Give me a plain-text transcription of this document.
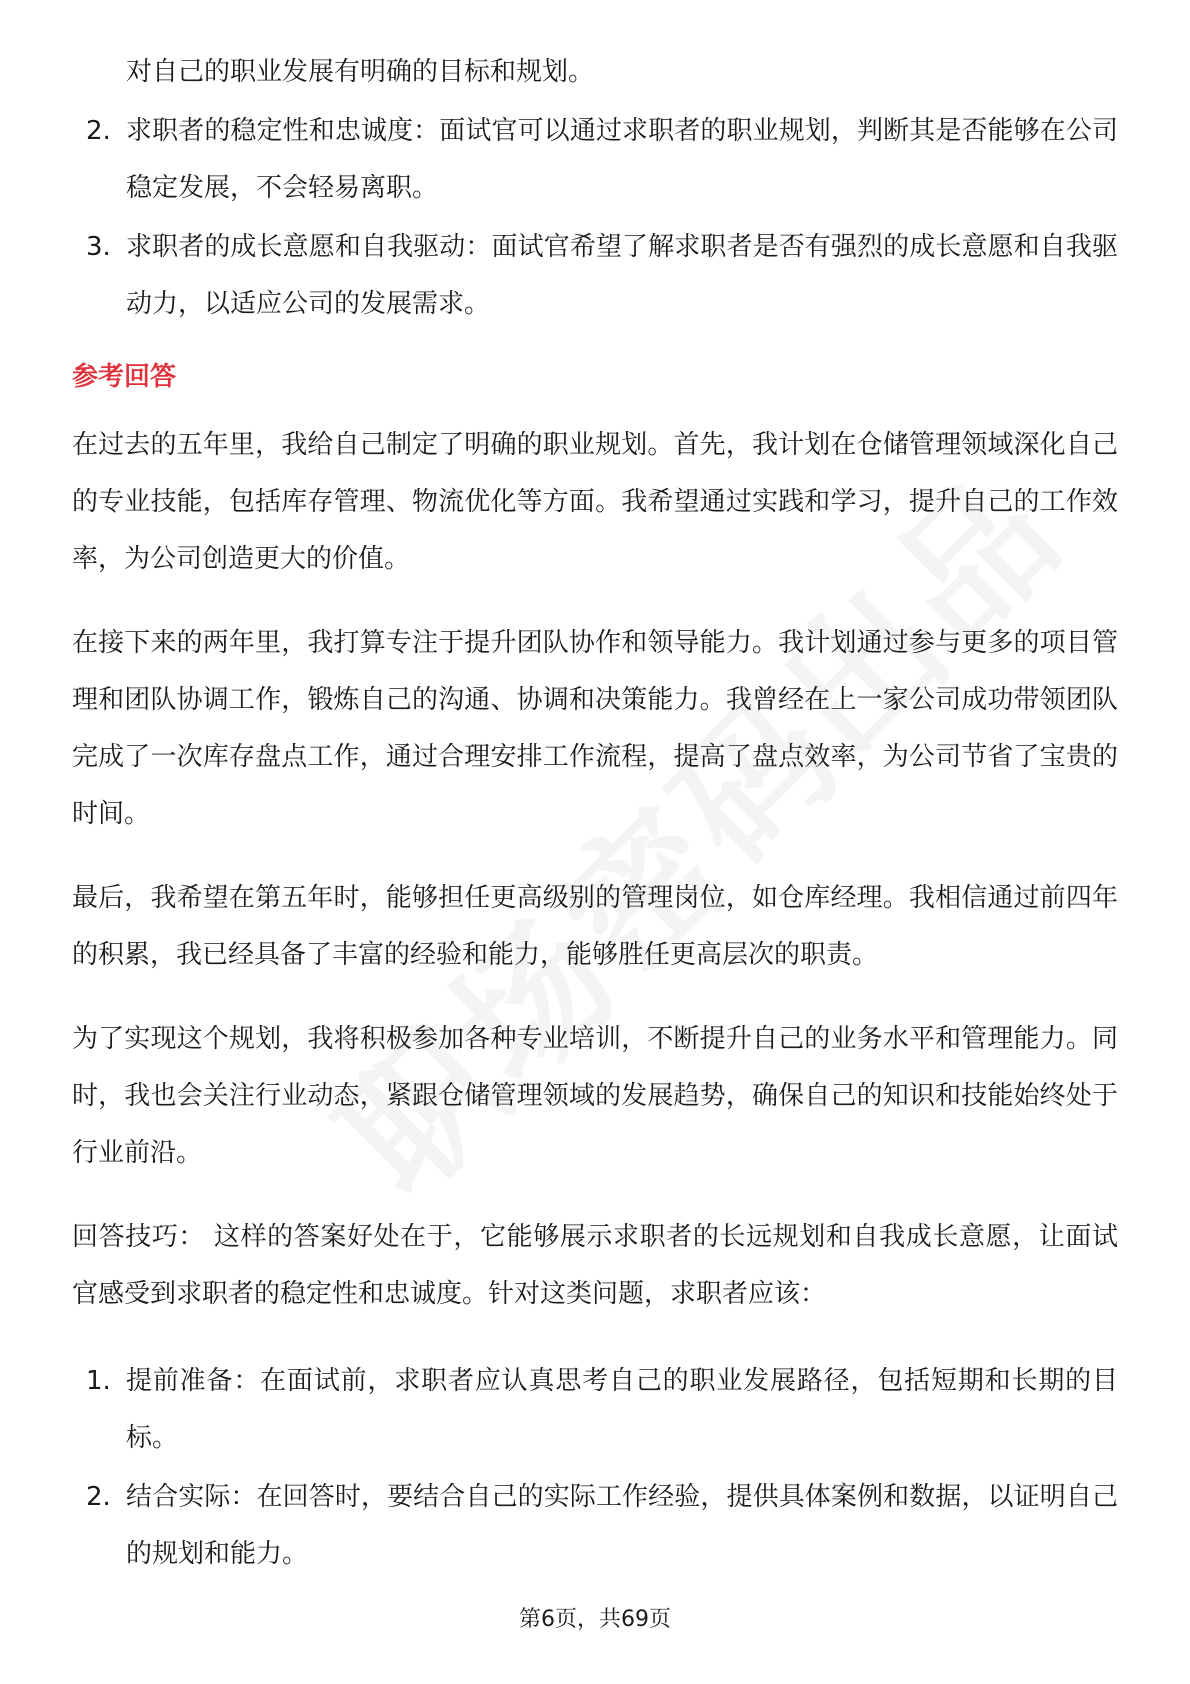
对自己的职业发展有明确的目标和规划。

2. 求职者的稳定性和忠诚度：面试官可以通过求职者的职业规划，判断其是否能够在公司稳定发展，不会轻易离职。
3. 求职者的成长意愿和自我驱动：面试官希望了解求职者是否有强烈的成长意愿和自我驱动力，以适应公司的发展需求。
参考回答

在过去的五年里，我给自己制定了明确的职业规划。首先，我计划在仓储管理领域深化自己的专业技能，包括库存管理、物流优化等方面。我希望通过实践和学习，提升自己的工作效率，为公司创造更大的价值。

在接下来的两年里，我打算专注于提升团队协作和领导能力。我计划通过参与更多的项目管理和团队协调工作，锻炼自己的沟通、协调和决策能力。我曾经在上一家公司成功带领团队完成了一次库存盘点工作，通过合理安排工作流程，提高了盘点效率，为公司节省了宝贵的时间。

最后，我希望在第五年时，能够担任更高级别的管理岗位，如仓库经理。我相信通过前四年的积累，我已经具备了丰富的经验和能力，能够胜任更高层次的职责。

为了实现这个规划，我将积极参加各种专业培训，不断提升自己的业务水平和管理能力。同时，我也会关注行业动态，紧跟仓储管理领域的发展趋势，确保自己的知识和技能始终处于行业前沿。

回答技巧： 这样的答案好处在于，它能够展示求职者的长远规划和自我成长意愿，让面试官感受到求职者的稳定性和忠诚度。针对这类问题，求职者应该：

1. 提前准备：在面试前，求职者应认真思考自己的职业发展路径，包括短期和长期的目标。
2. 结合实际：在回答时，要结合自己的实际工作经验，提供具体案例和数据，以证明自己的规划和能力。
第6页，共69页
